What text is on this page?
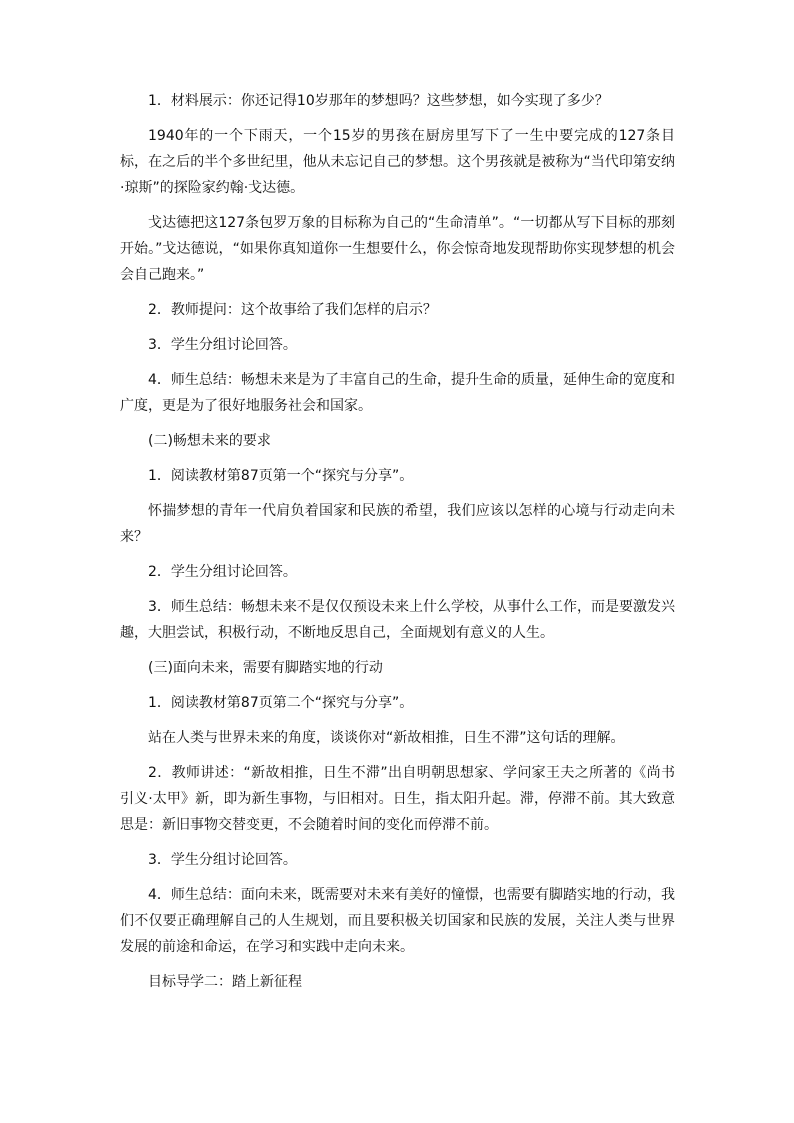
1．材料展示：你还记得10岁那年的梦想吗？这些梦想，如今实现了多少？

1940年的一个下雨天，一个15岁的男孩在厨房里写下了一生中要完成的127条目标，在之后的半个多世纪里，他从未忘记自己的梦想。这个男孩就是被称为“当代印第安纳·琼斯”的探险家约翰·戈达德。

戈达德把这127条包罗万象的目标称为自己的“生命清单”。“一切都从写下目标的那刻开始。”戈达德说，“如果你真知道你一生想要什么，你会惊奇地发现帮助你实现梦想的机会会自己跑来。”

2．教师提问：这个故事给了我们怎样的启示？

3．学生分组讨论回答。

4．师生总结：畅想未来是为了丰富自己的生命，提升生命的质量，延伸生命的宽度和广度，更是为了很好地服务社会和国家。

(二)畅想未来的要求

1．阅读教材第87页第一个“探究与分享”。

怀揣梦想的青年一代肩负着国家和民族的希望，我们应该以怎样的心境与行动走向未来？

2．学生分组讨论回答。

3．师生总结：畅想未来不是仅仅预设未来上什么学校，从事什么工作，而是要激发兴趣，大胆尝试，积极行动，不断地反思自己，全面规划有意义的人生。

(三)面向未来，需要有脚踏实地的行动

1．阅读教材第87页第二个“探究与分享”。

站在人类与世界未来的角度，谈谈你对“新故相推，日生不滞”这句话的理解。

2．教师讲述：“新故相推，日生不滞”出自明朝思想家、学问家王夫之所著的《尚书引义·太甲》新，即为新生事物，与旧相对。日生，指太阳升起。滞，停滞不前。其大致意思是：新旧事物交替变更，不会随着时间的变化而停滞不前。

3．学生分组讨论回答。

4．师生总结：面向未来，既需要对未来有美好的憧憬，也需要有脚踏实地的行动，我们不仅要正确理解自己的人生规划，而且要积极关切国家和民族的发展，关注人类与世界发展的前途和命运，在学习和实践中走向未来。

目标导学二：踏上新征程
